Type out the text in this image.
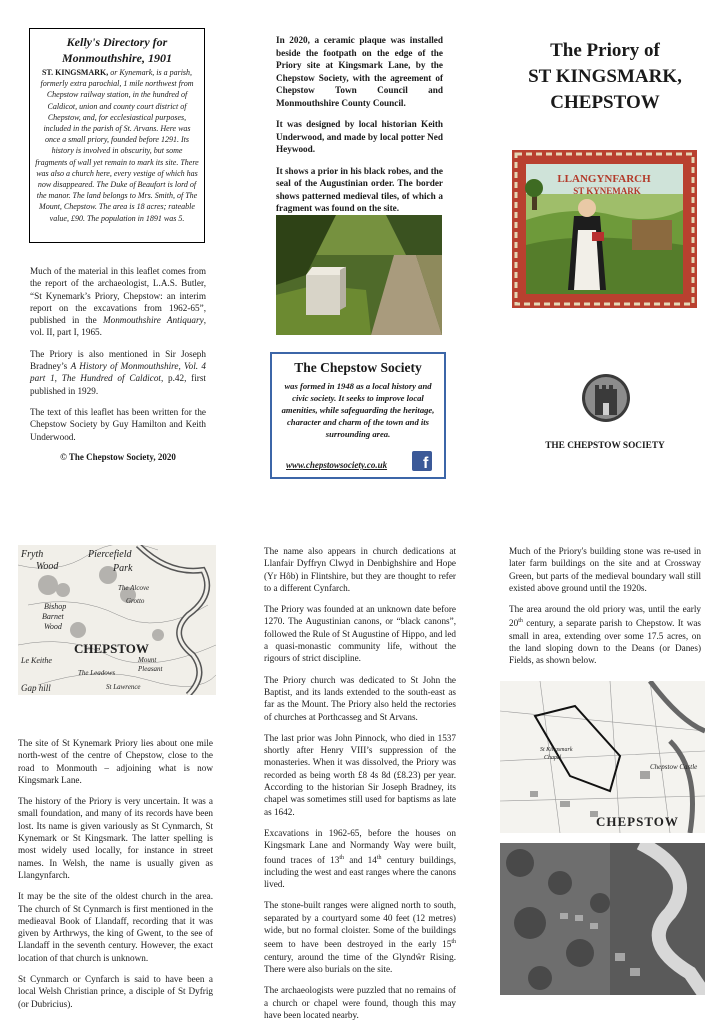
Kelly's Directory for Monmouthshire, 1901
ST. KINGSMARK, or Kynemark, is a parish, formerly extra parochial, 1 mile northwest from Chepstow railway station, in the hundred of Caldicot, union and county court district of Chepstow, and, for ecclesiastical purposes, included in the parish of St. Arvans. Here was once a small priory, founded before 1291. Its history is involved in obscurity, but some fragments of wall yet remain to mark its site. There was also a church here, every vestige of which has now disappeared. The Duke of Beaufort is lord of the manor. The land belongs to Mrs. Smith, of The Mount, Chepstow. The area is 18 acres; rateable value, £90. The population in 1891 was 5.

Much of the material in this leaflet comes from the report of the archaeologist, L.A.S. Butler, “St Kynemark’s Priory, Chepstow: an interim report on the excavations from 1962-65”, published in the Monmouthshire Antiquary, vol. II, part I, 1965.

The Priory is also mentioned in Sir Joseph Bradney’s A History of Monmouthshire, Vol. 4 part 1, The Hundred of Caldicot, p.42, first published in 1929.

The text of this leaflet has been written for the Chepstow Society by Guy Hamilton and Keith Underwood.

© The Chepstow Society, 2020

In 2020, a ceramic plaque was installed beside the footpath on the edge of the Priory site at Kingsmark Lane, by the Chepstow Society, with the agreement of Chepstow Town Council and Monmouthshire County Council.

It was designed by local historian Keith Underwood, and made by local potter Ned Heywood.

It shows a prior in his black robes, and the seal of the Augustinian order. The border shows patterned medieval tiles, of which a fragment was found on the site.

The Chepstow Society

was formed in 1948 as a local history and civic society. It seeks to improve local amenities, while safeguarding the heritage, character and charm of the town and its surrounding area.

www.chepstowsociety.co.uk f
The Priory of
ST KINGSMARK,
CHEPSTOW
LLANGYNFARCH
ST KYNEMARK
THE CHEPSTOW SOCIETY
Fryth
Wood
Piercefield
Park
The Alcove
Grotto
Bishop
Barnet
Wood
CHEPSTOW
St Lawrence
The Leadows
Mount
Pleasant
Le Keithe
Gap hill

The site of St Kynemark Priory lies about one mile north-west of the centre of Chepstow, close to the road to Monmouth – adjoining what is now Kingsmark Lane.

The history of the Priory is very uncertain. It was a small foundation, and many of its records have been lost. Its name is given variously as St Cynmarch, St Kynemark or St Kingsmark. The latter spelling is most widely used locally, for instance in street names. In Welsh, the name is usually given as Llangynfarch.

It may be the site of the oldest church in the area. The church of St Cynmarch is first mentioned in the medieaval Book of Llandaff, recording that it was given by Arthrwys, the king of Gwent, to the see of Llandaff in the seventh century. However, the exact location of that church is unknown.

St Cynmarch or Cynfarch is said to have been a local Welsh Christian prince, a disciple of St Dyfrig (or Dubricius).

The name also appears in church dedications at Llanfair Dyffryn Clwyd in Denbighshire and Hope (Yr Hôb) in Flintshire, but they are thought to refer to a different Cynfarch.

The Priory was founded at an unknown date before 1270. The Augustinian canons, or “black canons”, followed the Rule of St Augustine of Hippo, and led a quasi-monastic community life, without the rigours of strict discipline.

The Priory church was dedicated to St John the Baptist, and its lands extended to the south-east as far as the Mount. The Priory also held the rectories of churches at Porthcasseg and St Arvans.

The last prior was John Pinnock, who died in 1537 shortly after Henry VIII’s suppression of the monasteries. When it was dissolved, the Priory was recorded as being worth £8 4s 8d (£8.23) per year. According to the historian Sir Joseph Bradney, its chapel was sometimes still used for baptisms as late as 1642.

Excavations in 1962-65, before the houses on Kingsmark Lane and Normandy Way were built, found traces of 13th and 14th century buildings, including the west and east ranges where the canons lived.

The stone-built ranges were aligned north to south, separated by a courtyard some 40 feet (12 metres) wide, but no formal cloister. Some of the buildings seem to have been destroyed in the early 15th century, around the time of the Glyndŵr Rising. There were also burials on the site.

The archaeologists were puzzled that no remains of a church or chapel were found, though this may have been located nearby.

Much of the Priory's building stone was re-used in later farm buildings on the site and at Crossway Green, but parts of the medieval boundary wall still existed above ground until the 1920s.

The area around the old priory was, until the early 20th century, a separate parish to Chepstow. It was small in area, extending over some 17.5 acres, on the land sloping down to the Deans (or Danes) Fields, as shown below.

CHEPSTOW
Chepstow Castle
St Kingsmark
Chapel
